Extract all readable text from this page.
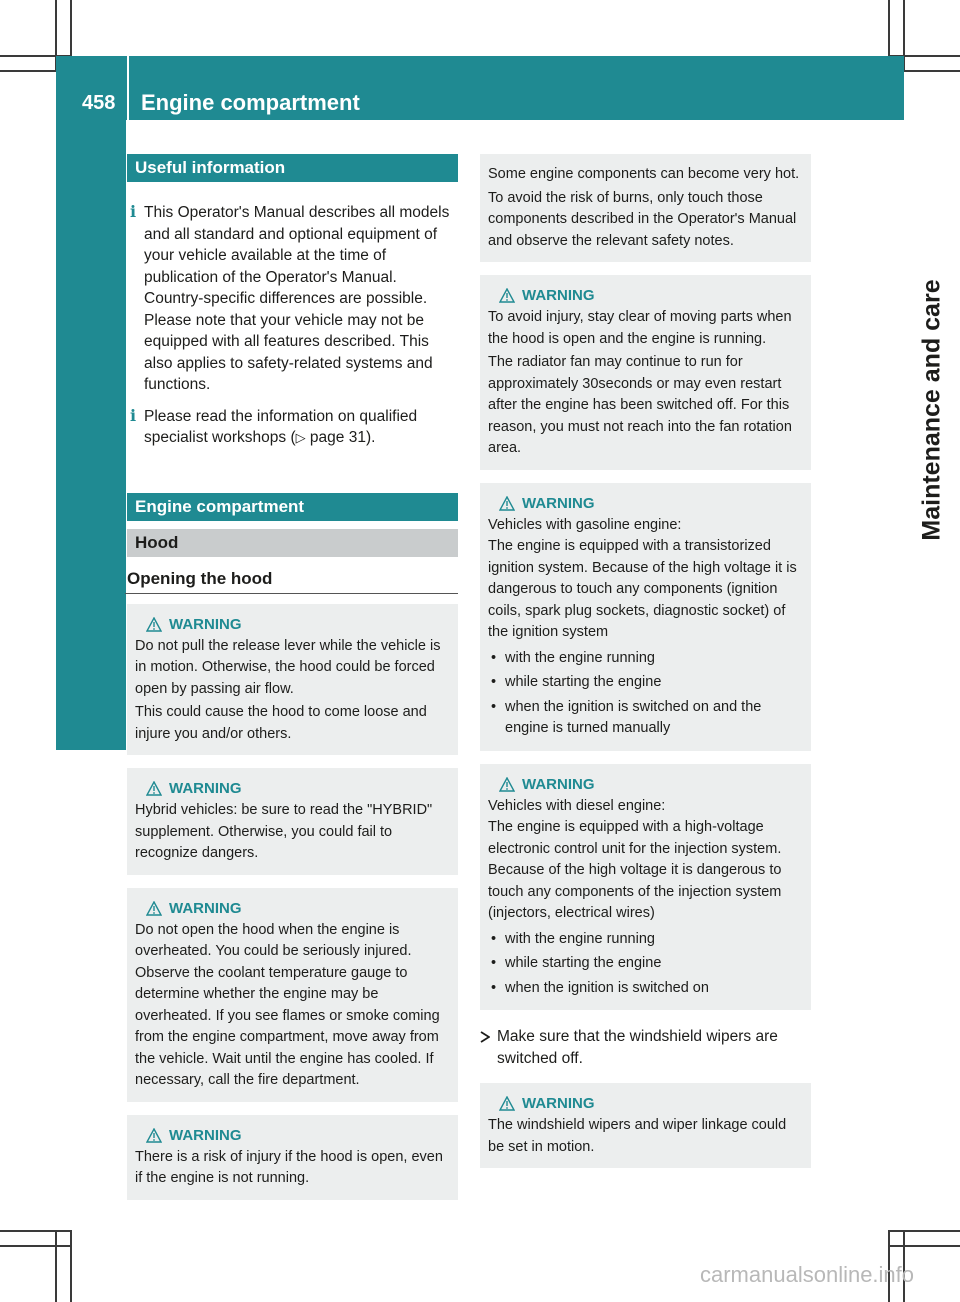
458 Engine compartment
Maintenance and care
Useful information
i This Operator's Manual describes all models and all standard and optional equipment of your vehicle available at the time of publication of the Operator's Manual. Country-specific differences are possible. Please note that your vehicle may not be equipped with all features described. This also applies to safety-related systems and functions.
i Please read the information on qualified specialist workshops (▷ page 31).
Engine compartment
Hood
Opening the hood
WARNING

Do not pull the release lever while the vehicle is in motion. Otherwise, the hood could be forced open by passing air flow.

This could cause the hood to come loose and injure you and/or others.

WARNING

Hybrid vehicles: be sure to read the "HYBRID" supplement. Otherwise, you could fail to recognize dangers.

WARNING

Do not open the hood when the engine is overheated. You could be seriously injured. Observe the coolant temperature gauge to determine whether the engine may be overheated. If you see flames or smoke coming from the engine compartment, move away from the vehicle. Wait until the engine has cooled. If necessary, call the fire department.

WARNING

There is a risk of injury if the hood is open, even if the engine is not running.

Some engine components can become very hot.

To avoid the risk of burns, only touch those components described in the Operator's Manual and observe the relevant safety notes.

WARNING

To avoid injury, stay clear of moving parts when the hood is open and the engine is running.

The radiator fan may continue to run for approximately 30seconds or may even restart after the engine has been switched off. For this reason, you must not reach into the fan rotation area.

WARNING

Vehicles with gasoline engine:

The engine is equipped with a transistorized ignition system. Because of the high voltage it is dangerous to touch any components (ignition coils, spark plug sockets, diagnostic socket) of the ignition system

• with the engine running
• while starting the engine
• when the ignition is switched on and the engine is turned manually
WARNING

Vehicles with diesel engine:

The engine is equipped with a high-voltage electronic control unit for the injection system. Because of the high voltage it is dangerous to touch any components of the injection system (injectors, electrical wires)

• with the engine running
• while starting the engine
• when the ignition is switched on
Make sure that the windshield wipers are switched off.
WARNING

The windshield wipers and wiper linkage could be set in motion.

carmanualsonline.info
